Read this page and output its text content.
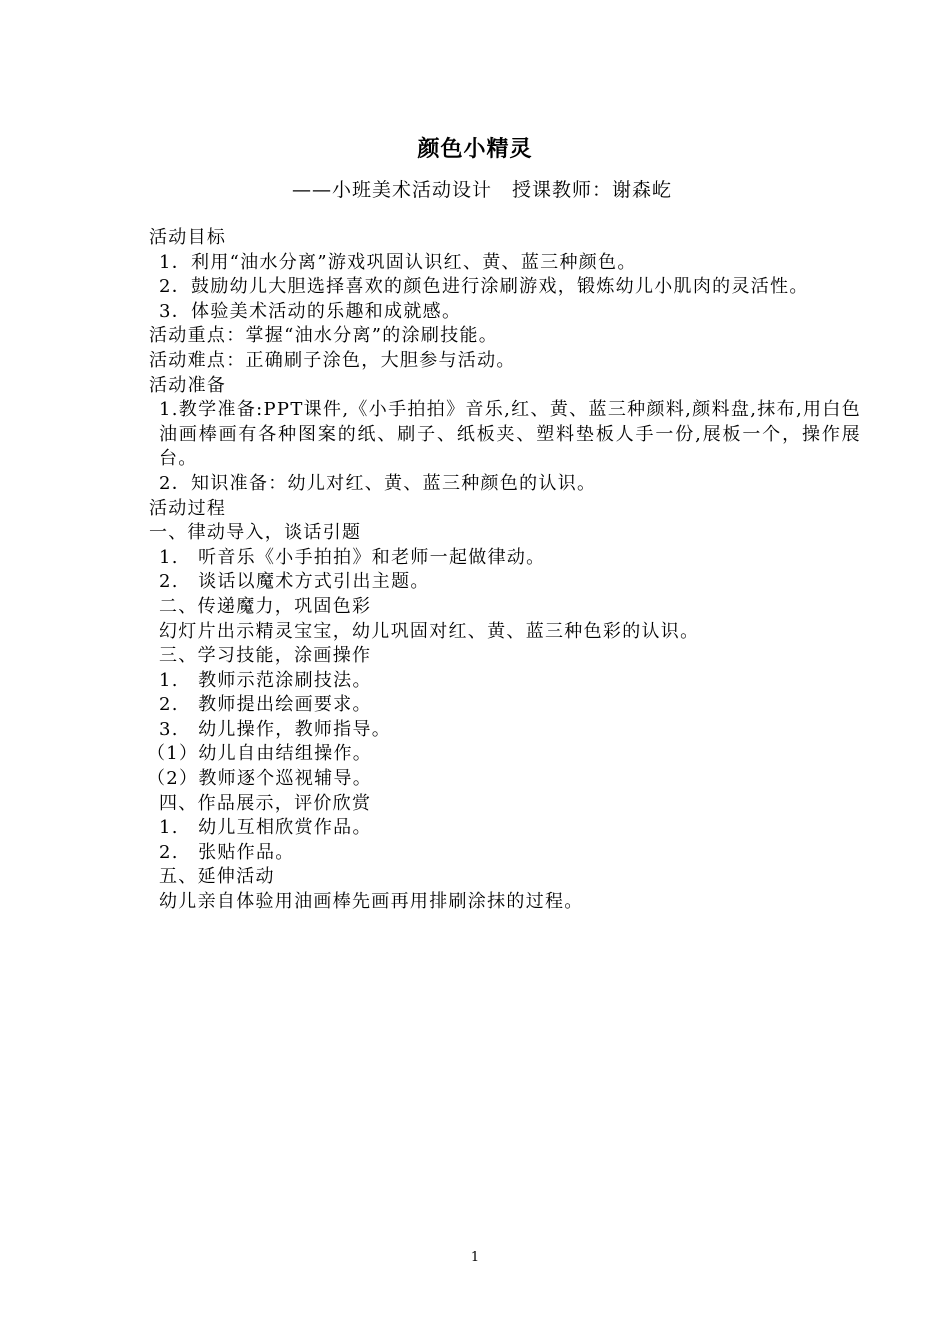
颜色小精灵
——小班美术活动设计　授课教师：谢森屹
活动目标
1．利用“油水分离”游戏巩固认识红、黄、蓝三种颜色。
2．鼓励幼儿大胆选择喜欢的颜色进行涂刷游戏，锻炼幼儿小肌肉的灵活性。
3．体验美术活动的乐趣和成就感。
活动重点：掌握“油水分离”的涂刷技能。
活动难点：正确刷子涂色，大胆参与活动。
活动准备
1.教学准备:PPT课件,《小手拍拍》音乐,红、黄、蓝三种颜料,颜料盘,抹布,用白色油画棒画有各种图案的纸、刷子、纸板夹、塑料垫板人手一份,展板一个，操作展台。
2．知识准备：幼儿对红、黄、蓝三种颜色的认识。
活动过程
一、律动导入，谈话引题
1.　听音乐《小手拍拍》和老师一起做律动。
2.　谈话以魔术方式引出主题。
二、传递魔力，巩固色彩
幻灯片出示精灵宝宝，幼儿巩固对红、黄、蓝三种色彩的认识。
三、学习技能，涂画操作
1.　教师示范涂刷技法。
2.　教师提出绘画要求。
3.　幼儿操作，教师指导。
（1）幼儿自由结组操作。
（2）教师逐个巡视辅导。
四、作品展示，评价欣赏
1.　幼儿互相欣赏作品。
2.　张贴作品。
五、延伸活动
幼儿亲自体验用油画棒先画再用排刷涂抹的过程。
1
